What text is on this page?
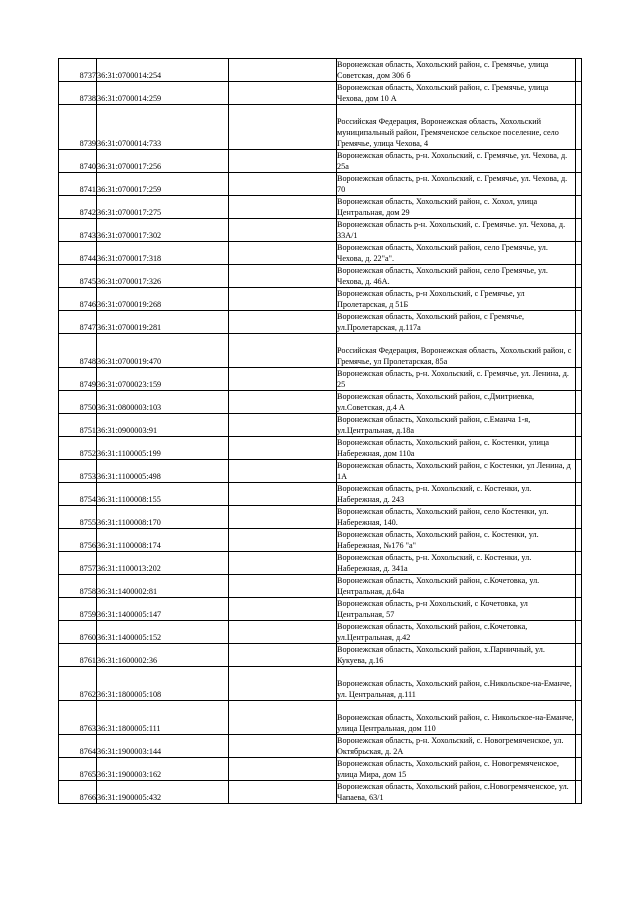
8737	36:31:0700014:254		Воронежская область, Хохольский район, с. Гремячье, улица Советская, дом 306 б	

8738	36:31:0700014:259		Воронежская область, Хохольский район, с. Гремячье, улица Чехова, дом 10 А	

8739	36:31:0700014:733		Российская Федерация, Воронежская область, Хохольский муниципальный район, Гремяченское сельское поселение, село Гремячье, улица Чехова, 4	

8740	36:31:0700017:256		Воронежская область, р-н. Хохольский, с. Гремячье, ул. Чехова, д. 25а	

8741	36:31:0700017:259		Воронежская область, р-н. Хохольский, с. Гремячье, ул. Чехова, д. 70	

8742	36:31:0700017:275		Воронежская область, Хохольский район, с. Хохол, улица Центральная, дом 29	

8743	36:31:0700017:302		Воронежская область р-н. Хохольский, с. Гремячье. ул. Чехова, д. 33А/1	

8744	36:31:0700017:318		Воронежская область, Хохольский район, село Гремячье, ул. Чехова, д. 22"а".	

8745	36:31:0700017:326		Воронежская область, Хохольский район, село Гремячье, ул. Чехова, д. 46А.	

8746	36:31:0700019:268		Воронежская область, р-н Хохольский, с Гремячье, ул Пролетарская, д 51Б	

8747	36:31:0700019:281		Воронежская область, Хохольский район, с Гремячье, ул.Пролетарская, д.117а	

8748	36:31:0700019:470		Российская Федерация, Воронежская область, Хохольский район, с Гремячье, ул Пролетарская, 85а	

8749	36:31:0700023:159		Воронежская область, р-н. Хохольский, с. Гремячье, ул. Ленина, д. 25	

8750	36:31:0800003:103		Воронежская область, Хохольский район, с.Дмитриевка, ул.Советская, д.4 А	

8751	36:31:0900003:91		Воронежская область, Хохольский район, с.Еманча 1-я, ул.Центральная, д.18а	

8752	36:31:1100005:199		Воронежская область, Хохольский район, с. Костенки, улица Набережная, дом 110а	

8753	36:31:1100005:498		Воронежская область, Хохольский район, с Костенки, ул Ленина, д 1А	

8754	36:31:1100008:155		Воронежская область, р-н. Хохольский, с. Костенки, ул. Набережная, д. 243	

8755	36:31:1100008:170		Воронежская область, Хохольский район, село Костенки, ул. Набережная, 140.	

8756	36:31:1100008:174		Воронежская область, Хохольский район, с. Костенки, ул. Набережная, №176 "а"	

8757	36:31:1100013:202		Воронежская область, р-н. Хохольский, с. Костенки, ул. Набережная, д. 341а	

8758	36:31:1400002:81		Воронежская область, Хохольский район, с.Кочетовка, ул. Центральная, д.64а	

8759	36:31:1400005:147		Воронежская область, р-н Хохольский, с Кочетовка, ул Центральная, 57	

8760	36:31:1400005:152		Воронежская область, Хохольский район, с.Кочетовка, ул.Центральная, д.42	

8761	36:31:1600002:36		Воронежская область, Хохольский район, х.Парничный, ул. Кукуева, д.16	

8762	36:31:1800005:108		Воронежская область, Хохольский район, с.Никольское-на-Еманче, ул. Центральная, д.111	

8763	36:31:1800005:111		Воронежская область, Хохольский район, с. Никольское-на-Еманче, улица Центральная, дом 110	

8764	36:31:1900003:144		Воронежская область, р-н. Хохольский, с. Новогремяченское, ул. Октябрьская, д. 2А	

8765	36:31:1900003:162		Воронежская область, Хохольский район, с. Новогремяченское, улица Мира, дом 15	

8766	36:31:1900005:432		Воронежская область, Хохольский район, с.Новогремяченское, ул. Чапаева, 63/1	
